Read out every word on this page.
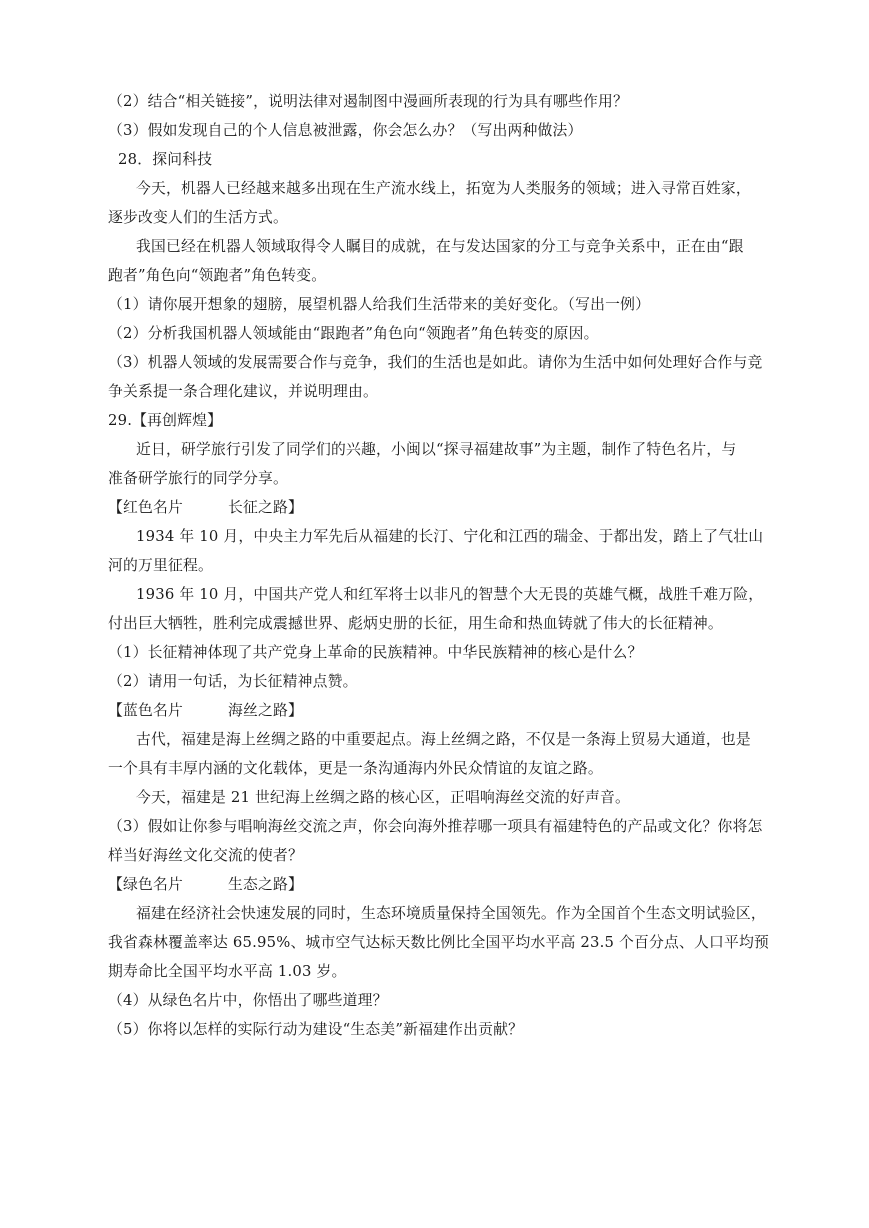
（2）结合“相关链接”，说明法律对遏制图中漫画所表现的行为具有哪些作用？
（3）假如发现自己的个人信息被泄露，你会怎么办？（写出两种做法）
28．探问科技
今天，机器人已经越来越多出现在生产流水线上，拓宽为人类服务的领域；进入寻常百姓家，
逐步改变人们的生活方式。
我国已经在机器人领域取得令人瞩目的成就，在与发达国家的分工与竞争关系中，正在由“跟
跑者”角色向“领跑者”角色转变。
（1）请你展开想象的翅膀，展望机器人给我们生活带来的美好变化。（写出一例）
（2）分析我国机器人领域能由“跟跑者”角色向“领跑者”角色转变的原因。
（3）机器人领域的发展需要合作与竞争，我们的生活也是如此。请你为生活中如何处理好合作与竞
争关系提一条合理化建议，并说明理由。
29.【再创辉煌】
近日，研学旅行引发了同学们的兴趣，小闽以“探寻福建故事”为主题，制作了特色名片，与
准备研学旅行的同学分享。
【红色名片　　　长征之路】
1934 年 10 月，中央主力军先后从福建的长汀、宁化和江西的瑞金、于都出发，踏上了气壮山
河的万里征程。
1936 年 10 月，中国共产党人和红军将士以非凡的智慧个大无畏的英雄气概，战胜千难万险，
付出巨大牺牲，胜利完成震撼世界、彪炳史册的长征，用生命和热血铸就了伟大的长征精神。
（1）长征精神体现了共产党身上革命的民族精神。中华民族精神的核心是什么？
（2）请用一句话，为长征精神点赞。
【蓝色名片　　　海丝之路】
古代，福建是海上丝绸之路的中重要起点。海上丝绸之路，不仅是一条海上贸易大通道，也是
一个具有丰厚内涵的文化载体，更是一条沟通海内外民众情谊的友谊之路。
今天，福建是 21 世纪海上丝绸之路的核心区，正唱响海丝交流的好声音。
（3）假如让你参与唱响海丝交流之声，你会向海外推荐哪一项具有福建特色的产品或文化？你将怎
样当好海丝文化交流的使者？
【绿色名片　　　生态之路】
福建在经济社会快速发展的同时，生态环境质量保持全国领先。作为全国首个生态文明试验区，
我省森林覆盖率达 65.95%、城市空气达标天数比例比全国平均水平高 23.5 个百分点、人口平均预
期寿命比全国平均水平高 1.03 岁。
（4）从绿色名片中，你悟出了哪些道理？
（5）你将以怎样的实际行动为建设“生态美”新福建作出贡献？
